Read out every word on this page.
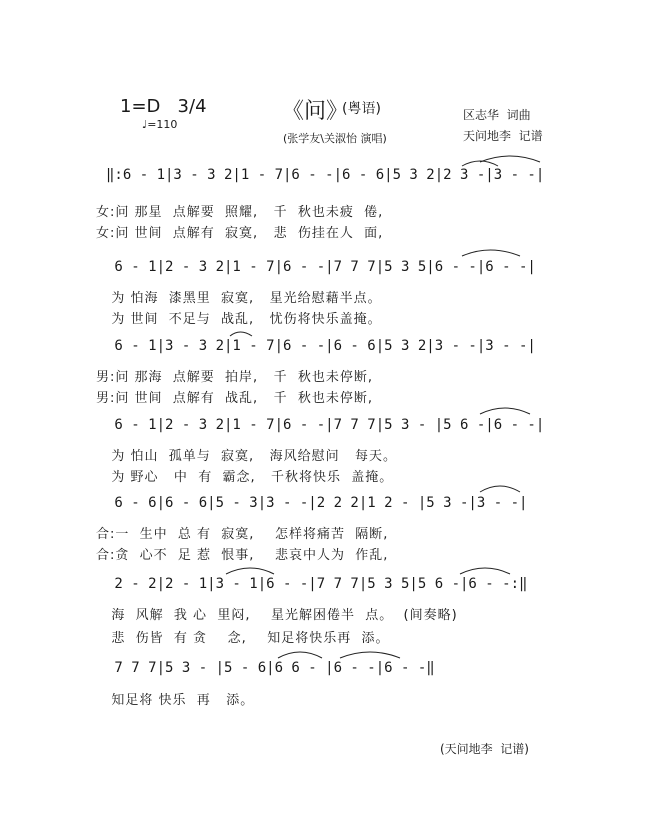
1=D   3/4
♩=110
《问》
(粤语)
(张学友\关淑怡 演唱)
区志华  词曲
天问地李  记谱
‖:6 - 1|3 - 3 2|1 - 7|6 - -|6 - 6|5 3 2|2 3 -|3 - -|
女:问 那星  点解要  照耀,   千  秋也未疲  倦,
女:问 世间  点解有  寂寞,   悲  伤挂在人  面,
6 - 1|2 - 3 2|1 - 7|6 - -|7 7 7|5 3 5|6 - -|6 - -|
为 怕海  漆黑里  寂寞,   星光给慰藉半点。
为 世间  不足与  战乱,   忧伤将快乐盖掩。
6 - 1|3 - 3 2|1 - 7|6 - -|6 - 6|5 3 2|3 - -|3 - -|
男:问 那海  点解要  拍岸,   千  秋也未停断,
男:问 世间  点解有  战乱,   千  秋也未停断,
6 - 1|2 - 3 2|1 - 7|6 - -|7 7 7|5 3 - |5 6 -|6 - -|
为 怕山  孤单与  寂寞,   海风给慰问   每天。
为 野心   中  有  霸念,   千秋将快乐  盖掩。
6 - 6|6 - 6|5 - 3|3 - -|2 2 2|1 2 - |5 3 -|3 - -|
合:一  生中  总 有  寂寞,    怎样将痛苦  隔断,
合:贪  心不  足 惹  恨事,    悲哀中人为  作乱,
2 - 2|2 - 1|3 - 1|6 - -|7 7 7|5 3 5|5 6 -|6 - -:‖
海  风解  我 心  里闷,    星光解困倦半  点。  (间奏略)
悲  伤皆  有 贪    念,    知足将快乐再  添。
7 7 7|5 3 - |5 - 6|6 6 - |6 - -|6 - -‖
知足将 快乐  再   添。
(天问地李  记谱)
